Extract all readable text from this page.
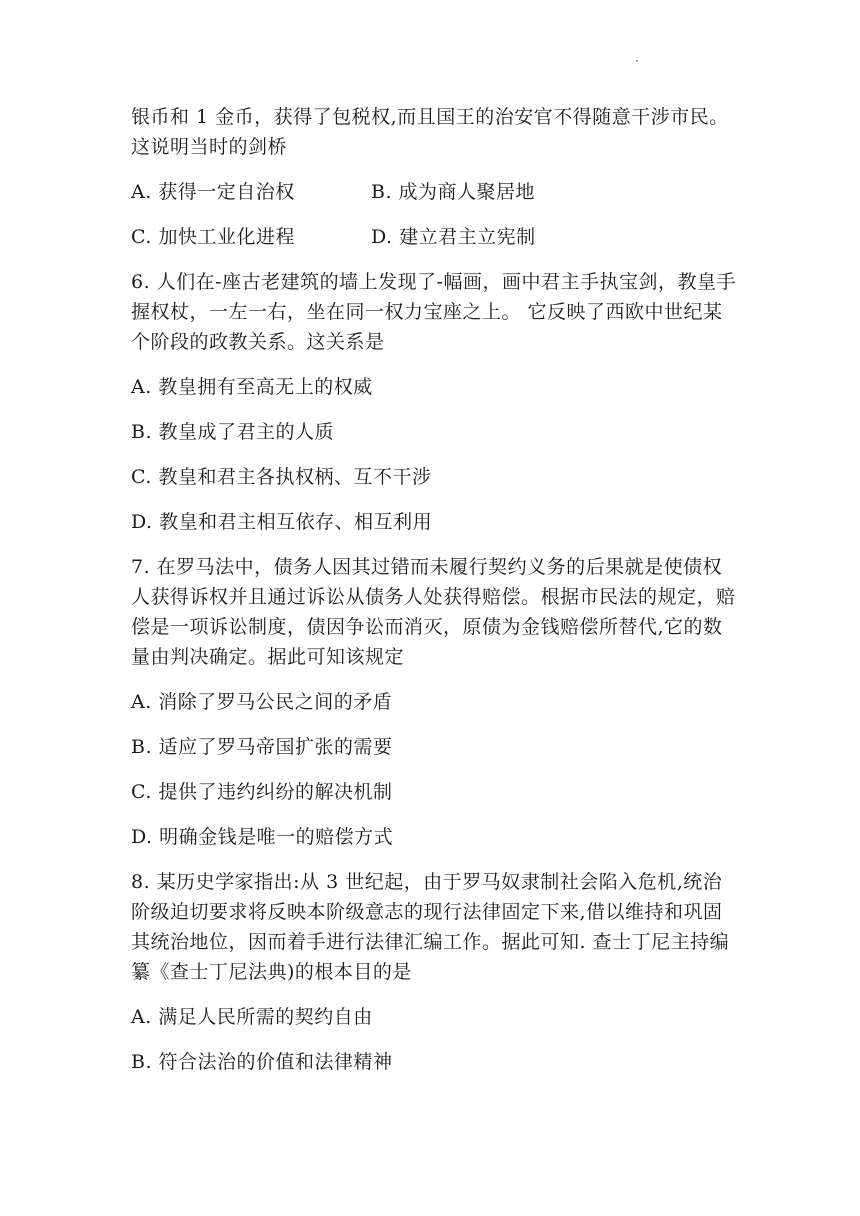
银币和 1 金币，获得了包税权,而且国王的治安官不得随意干涉市民。这说明当时的剑桥

A. 获得一定自治权	B. 成为商人聚居地
C. 加快工业化进程	D. 建立君主立宪制

6. 人们在-座古老建筑的墙上发现了-幅画，画中君主手执宝剑，教皇手握权杖，一左一右，坐在同一权力宝座之上。 它反映了西欧中世纪某个阶段的政教关系。这关系是

A. 教皇拥有至高无上的权威
B. 教皇成了君主的人质
C. 教皇和君主各执权柄、互不干涉
D. 教皇和君主相互依存、相互利用

7. 在罗马法中，债务人因其过错而未履行契约义务的后果就是使债权人获得诉权并且通过诉讼从债务人处获得赔偿。根据市民法的规定，赔偿是一项诉讼制度，债因争讼而消灭，原债为金钱赔偿所替代,它的数量由判决确定。据此可知该规定

A. 消除了罗马公民之间的矛盾
B. 适应了罗马帝国扩张的需要
C. 提供了违约纠纷的解决机制
D. 明确金钱是唯一的赔偿方式

8. 某历史学家指出:从 3 世纪起，由于罗马奴隶制社会陷入危机,统治阶级迫切要求将反映本阶级意志的现行法律固定下来,借以维持和巩固其统治地位，因而着手进行法律汇编工作。据此可知. 查士丁尼主持编纂《查士丁尼法典)的根本目的是

A. 满足人民所需的契约自由
B. 符合法治的价值和法律精神
